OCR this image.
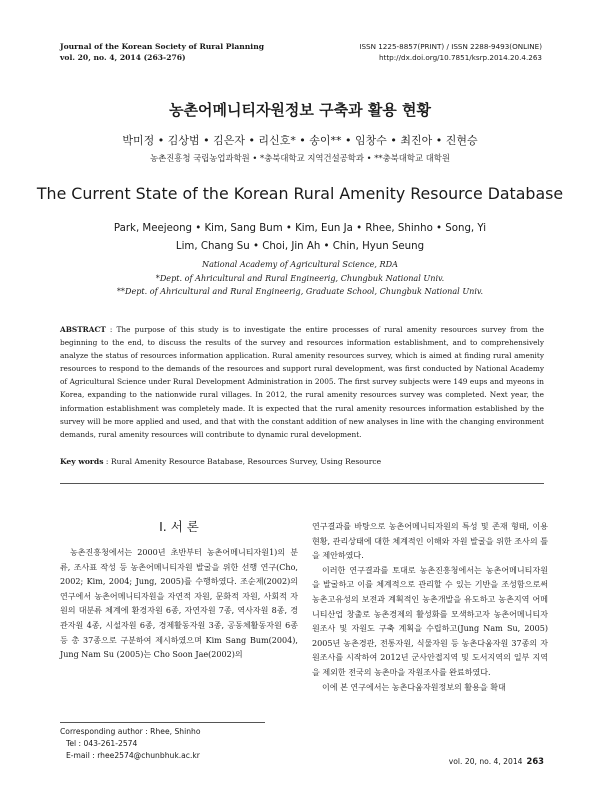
Journal of the Korean Society of Rural Planning
vol. 20, no. 4, 2014 (263-276)
ISSN 1225-8857(PRINT) / ISSN 2288-9493(ONLINE)
http://dx.doi.org/10.7851/ksrp.2014.20.4.263
농촌어메니티자원정보 구축과 활용 현황
박미정 • 김상범 • 김은자 • 리신호* • 송이** • 임창수 • 최진아 • 진현승
농촌진흥청 국립농업과학원 • *충북대학교 지역건설공학과 • **충북대학교 대학원
The Current State of the Korean Rural Amenity Resource Database
Park, Meejeong • Kim, Sang Bum • Kim, Eun Ja • Rhee, Shinho • Song, Yi
Lim, Chang Su • Choi, Jin Ah • Chin, Hyun Seung
National Academy of Agricultural Science, RDA
*Dept. of Ahricultural and Rural Engineerig, Chungbuk National Univ.
**Dept. of Ahricultural and Rural Engineerig, Graduate School, Chungbuk National Univ.
ABSTRACT : The purpose of this study is to investigate the entire processes of rural amenity resources survey from the beginning to the end, to discuss the results of the survey and resources information establishment, and to comprehensively analyze the status of resources information application. Rural amenity resources survey, which is aimed at finding rural amenity resources to respond to the demands of the resources and support rural development, was first conducted by National Academy of Agricultural Science under Rural Development Administration in 2005. The first survey subjects were 149 eups and myeons in Korea, expanding to the nationwide rural villages. In 2012, the rural amenity resources survey was completed. Next year, the information establishment was completely made. It is expected that the rural amenity resources information established by the survey will be more applied and used, and that with the constant addition of new analyses in line with the changing environment demands, rural amenity resources will contribute to dynamic rural development.
Key words : Rural Amenity Resource Batabase, Resources Survey, Using Resource
I. 서 론

농촌진흥청에서는 2000년 초반부터 농촌어메니티자원1)의 분류, 조사표 작성 등 농촌어메니티자원 발굴을 위한 선행 연구(Cho, 2002; Kim, 2004; Jung, 2005)를 수행하였다. 조순제(2002)의 연구에서 농촌어메니티자원을 자연적 자원, 문화적 자원, 사회적 자원의 대분류 체계에 환경자원 6종, 자연자원 7종, 역사자원 8종, 경관자원 4종, 시설자원 6종, 경제활동자원 3종, 공동체활동자원 6종 등 총 37종으로 구분하여 제시하였으며 Kim Sang Bum(2004), Jung Nam Su (2005)는 Cho Soon Jae(2002)의

연구결과를 바탕으로 농촌어메니티자원의 특성 및 존재 형태, 이용현황, 관리상태에 대한 체계적인 이해와 자원 발굴을 위한 조사의 틀을 제안하였다.

이러한 연구결과를 토대로 농촌진흥청에서는 농촌어메니티자원을 발굴하고 이를 체계적으로 관리할 수 있는 기반을 조성함으로써 농촌고유성의 보전과 계획적인 농촌개발을 유도하고 농촌지역 어메니티산업 창출로 농촌경제의 활성화를 모색하고자 농촌어메니티자원조사 및 자원도 구축 계획을 수립하고(Jung Nam Su, 2005) 2005년 농촌경관, 전통자원, 식물자원 등 농촌다움자원 37종의 자원조사를 시작하여 2012년 군사안접지역 및 도서지역의 일부 지역을 제외한 전국의 농촌마을 자원조사를 완료하였다.

이에 본 연구에서는 농촌다움자원정보의 활용을 확대

Corresponding author : Rhee, Shinho
Tel : 043-261-2574
E-mail : rhee2574@chunbhuk.ac.kr
vol. 20, no. 4, 2014 263
